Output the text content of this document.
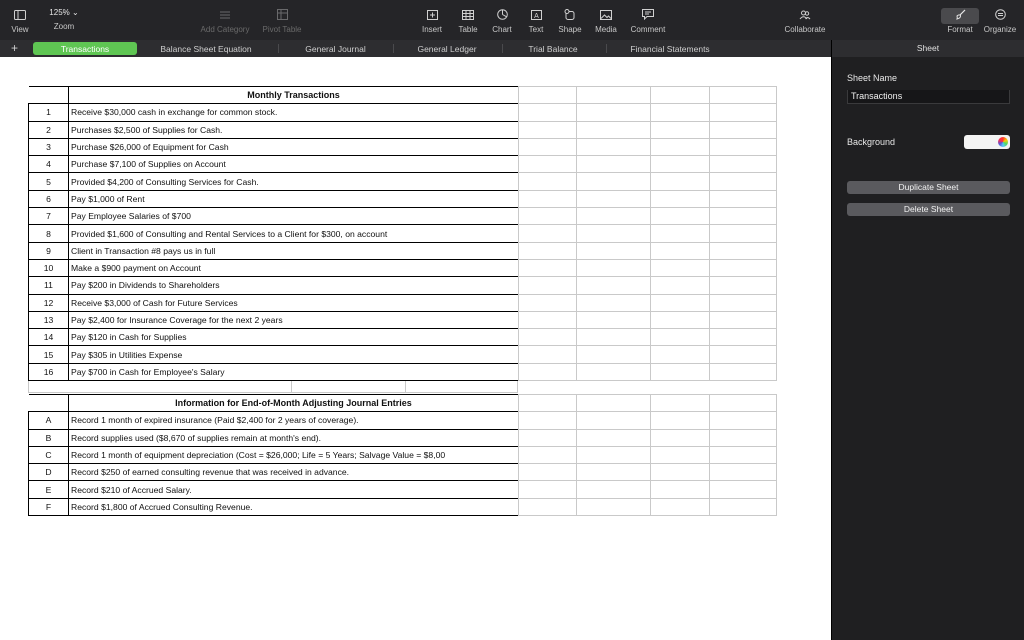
View
125% ⌄
Zoom	Add Category Pivot Table	Insert Table Chart
A
Text Shape Media Comment	Collaborate	Format Organize
Transactions	Balance Sheet Equation	General Journal	General Ledger	Trial Balance	Financial Statements
+
	Monthly Transactions
1	Receive $30,000 cash in exchange for common stock.
2	Purchases $2,500 of Supplies for Cash.
3	Purchase $26,000 of Equipment for Cash
4	Purchase $7,100 of Supplies on Account
5	Provided $4,200 of Consulting Services for Cash.
6	Pay $1,000 of Rent
7	Pay Employee Salaries of $700
8	Provided $1,600 of Consulting and Rental Services to a Client for $300, on account
9	Client in Transaction #8 pays us in full
10	Make a $900 payment on Account
11	Pay $200 in Dividends to Shareholders
12	Receive $3,000 of Cash for Future Services
13	Pay $2,400 for Insurance Coverage for the next 2 years
14	Pay $120 in Cash for Supplies
15	Pay $305 in Utilities Expense
16	Pay $700 in Cash for Employee's Salary

	Information for End-of-Month Adjusting Journal Entries
A	Record 1 month of expired insurance (Paid $2,400 for 2 years of coverage).
B	Record supplies used ($8,670 of supplies remain at month's end).
C	Record 1 month of equipment depreciation (Cost = $26,000; Life = 5 Years; Salvage Value = $8,00
D	Record $250 of earned consulting revenue that was received in advance.
E	Record $210 of Accrued Salary.
F	Record $1,800 of Accrued Consulting Revenue.

Sheet
Sheet Name
Transactions
Background
Duplicate Sheet
Delete Sheet
